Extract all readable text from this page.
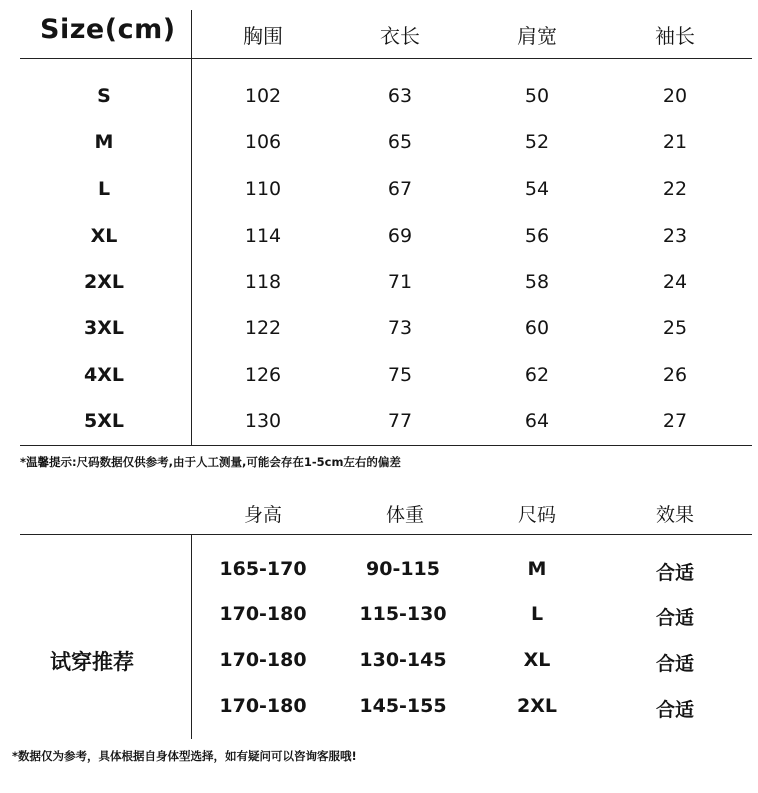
Size(cm)	胸围	衣长	肩宽	袖长
S	102	63	50	20
M	106	65	52	21
L	110	67	54	22
XL	114	69	56	23
2XL	118	71	58	24
3XL	122	73	60	25
4XL	126	75	62	26
5XL	130	77	64	27
*温馨提示:尺码数据仅供参考,由于人工测量,可能会存在1-5cm左右的偏差
身高	体重	尺码	效果
试穿推荐
165-170	90-115	M	合适
170-180	115-130	L	合适
170-180	130-145	XL	合适
170-180	145-155	2XL	合适
*数据仅为参考，具体根据自身体型选择，如有疑问可以咨询客服哦!
